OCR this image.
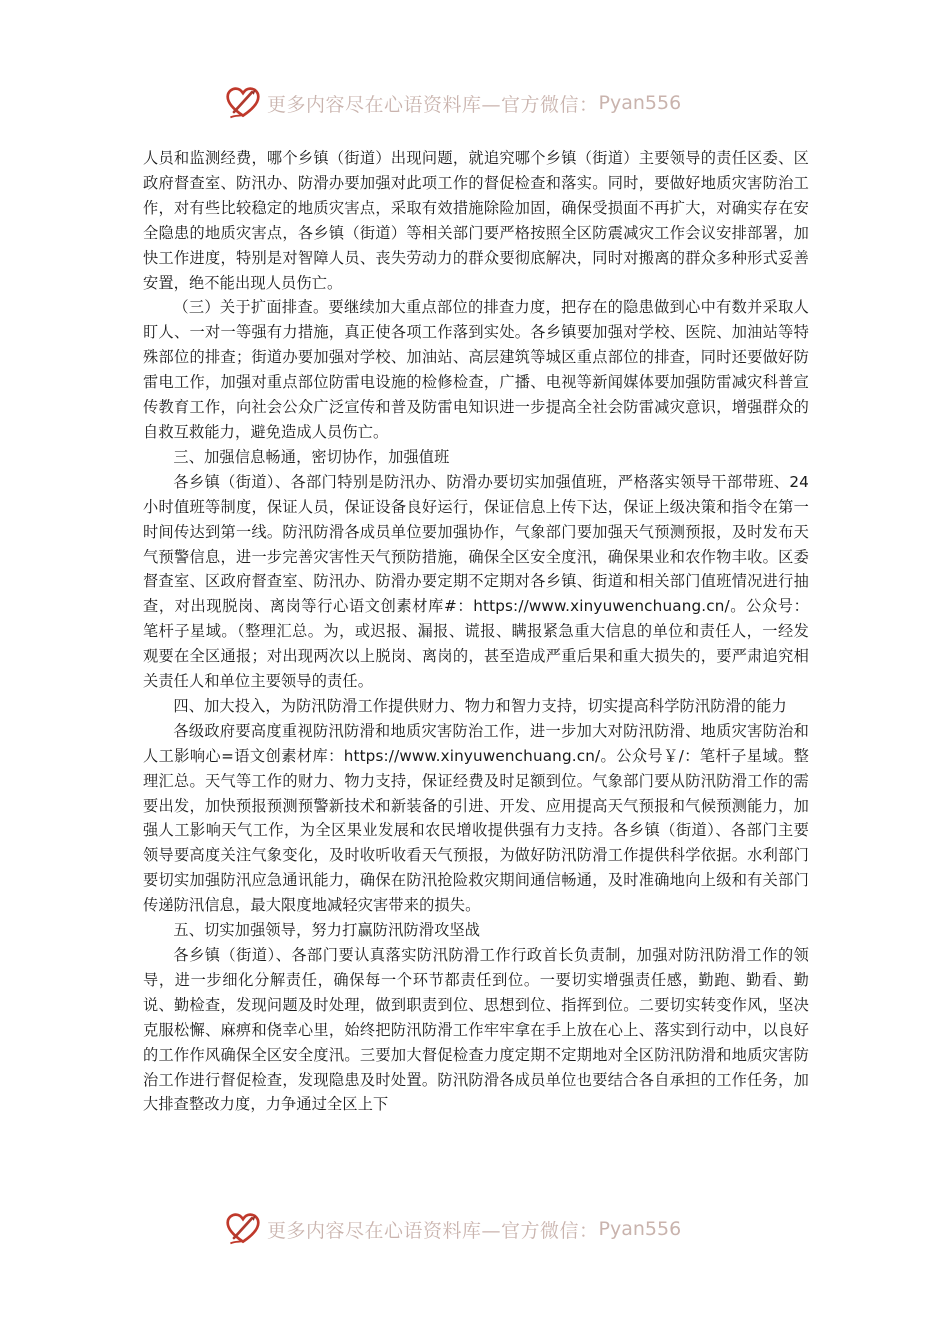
更多内容尽在心语资料库—官方微信： Pyan556

人员和监测经费，哪个乡镇（街道）出现问题，就追究哪个乡镇（街道）主要领导的责任区委、区政府督查室、防汛办、防滑办要加强对此项工作的督促检查和落实。同时，要做好地质灾害防治工作，对有些比较稳定的地质灾害点，采取有效措施除险加固，确保受损面不再扩大，对确实存在安全隐患的地质灾害点，各乡镇（街道）等相关部门要严格按照全区防震减灾工作会议安排部署，加快工作进度，特别是对智障人员、丧失劳动力的群众要彻底解决，同时对搬离的群众多种形式妥善安置，绝不能出现人员伤亡。

（三）关于扩面排查。要继续加大重点部位的排查力度，把存在的隐患做到心中有数并采取人盯人、一对一等强有力措施，真正使各项工作落到实处。各乡镇要加强对学校、医院、加油站等特殊部位的排查；街道办要加强对学校、加油站、高层建筑等城区重点部位的排查，同时还要做好防雷电工作，加强对重点部位防雷电设施的检修检查，广播、电视等新闻媒体要加强防雷减灾科普宣传教育工作，向社会公众广泛宣传和普及防雷电知识进一步提高全社会防雷减灾意识，增强群众的自救互救能力，避免造成人员伤亡。

三、加强信息畅通，密切协作，加强值班

各乡镇（街道）、各部门特别是防汛办、防滑办要切实加强值班，严格落实领导干部带班、24 小时值班等制度，保证人员，保证设备良好运行，保证信息上传下达，保证上级决策和指令在第一时间传达到第一线。防汛防滑各成员单位要加强协作，气象部门要加强天气预测预报，及时发布天气预警信息，进一步完善灾害性天气预防措施，确保全区安全度汛，确保果业和农作物丰收。区委督查室、区政府督查室、防汛办、防滑办要定期不定期对各乡镇、街道和相关部门值班情况进行抽查，对出现脱岗、离岗等行心语文创素材库#：https://www.xinyuwenchuang.cn/。公众号：笔杆子星域。（整理汇总。为，或迟报、漏报、谎报、瞒报紧急重大信息的单位和责任人，一经发观要在全区通报；对出现两次以上脱岗、离岗的，甚至造成严重后果和重大损失的，要严肃追究相关责任人和单位主要领导的责任。

四、加大投入，为防汛防滑工作提供财力、物力和智力支持，切实提高科学防汛防滑的能力

各级政府要高度重视防汛防滑和地质灾害防治工作，进一步加大对防汛防滑、地质灾害防治和人工影响心=语文创素材库：https://www.xinyuwenchuang.cn/。公众号￥/：笔杆子星域。整理汇总。天气等工作的财力、物力支持，保证经费及时足额到位。气象部门要从防汛防滑工作的需要出发，加快预报预测预警新技术和新装备的引进、开发、应用提高天气预报和气候预测能力，加强人工影响天气工作，为全区果业发展和农民增收提供强有力支持。各乡镇（街道）、各部门主要领导要高度关注气象变化，及时收听收看天气预报，为做好防汛防滑工作提供科学依据。水利部门要切实加强防汛应急通讯能力，确保在防汛抢险救灾期间通信畅通，及时准确地向上级和有关部门传递防汛信息，最大限度地减轻灾害带来的损失。

五、切实加强领导，努力打赢防汛防滑攻坚战

各乡镇（街道）、各部门要认真落实防汛防滑工作行政首长负责制，加强对防汛防滑工作的领导，进一步细化分解责任，确保每一个环节都责任到位。一要切实增强责任感，勤跑、勤看、勤说、勤检查，发现问题及时处理，做到职责到位、思想到位、指挥到位。二要切实转变作风，坚决克服松懈、麻痹和侥幸心里，始终把防汛防滑工作牢牢拿在手上放在心上、落实到行动中，以良好的工作作风确保全区安全度汛。三要加大督促检查力度定期不定期地对全区防汛防滑和地质灾害防治工作进行督促检查，发现隐患及时处置。防汛防滑各成员单位也要结合各自承担的工作任务，加大排查整改力度，力争通过全区上下

更多内容尽在心语资料库—官方微信： Pyan556
